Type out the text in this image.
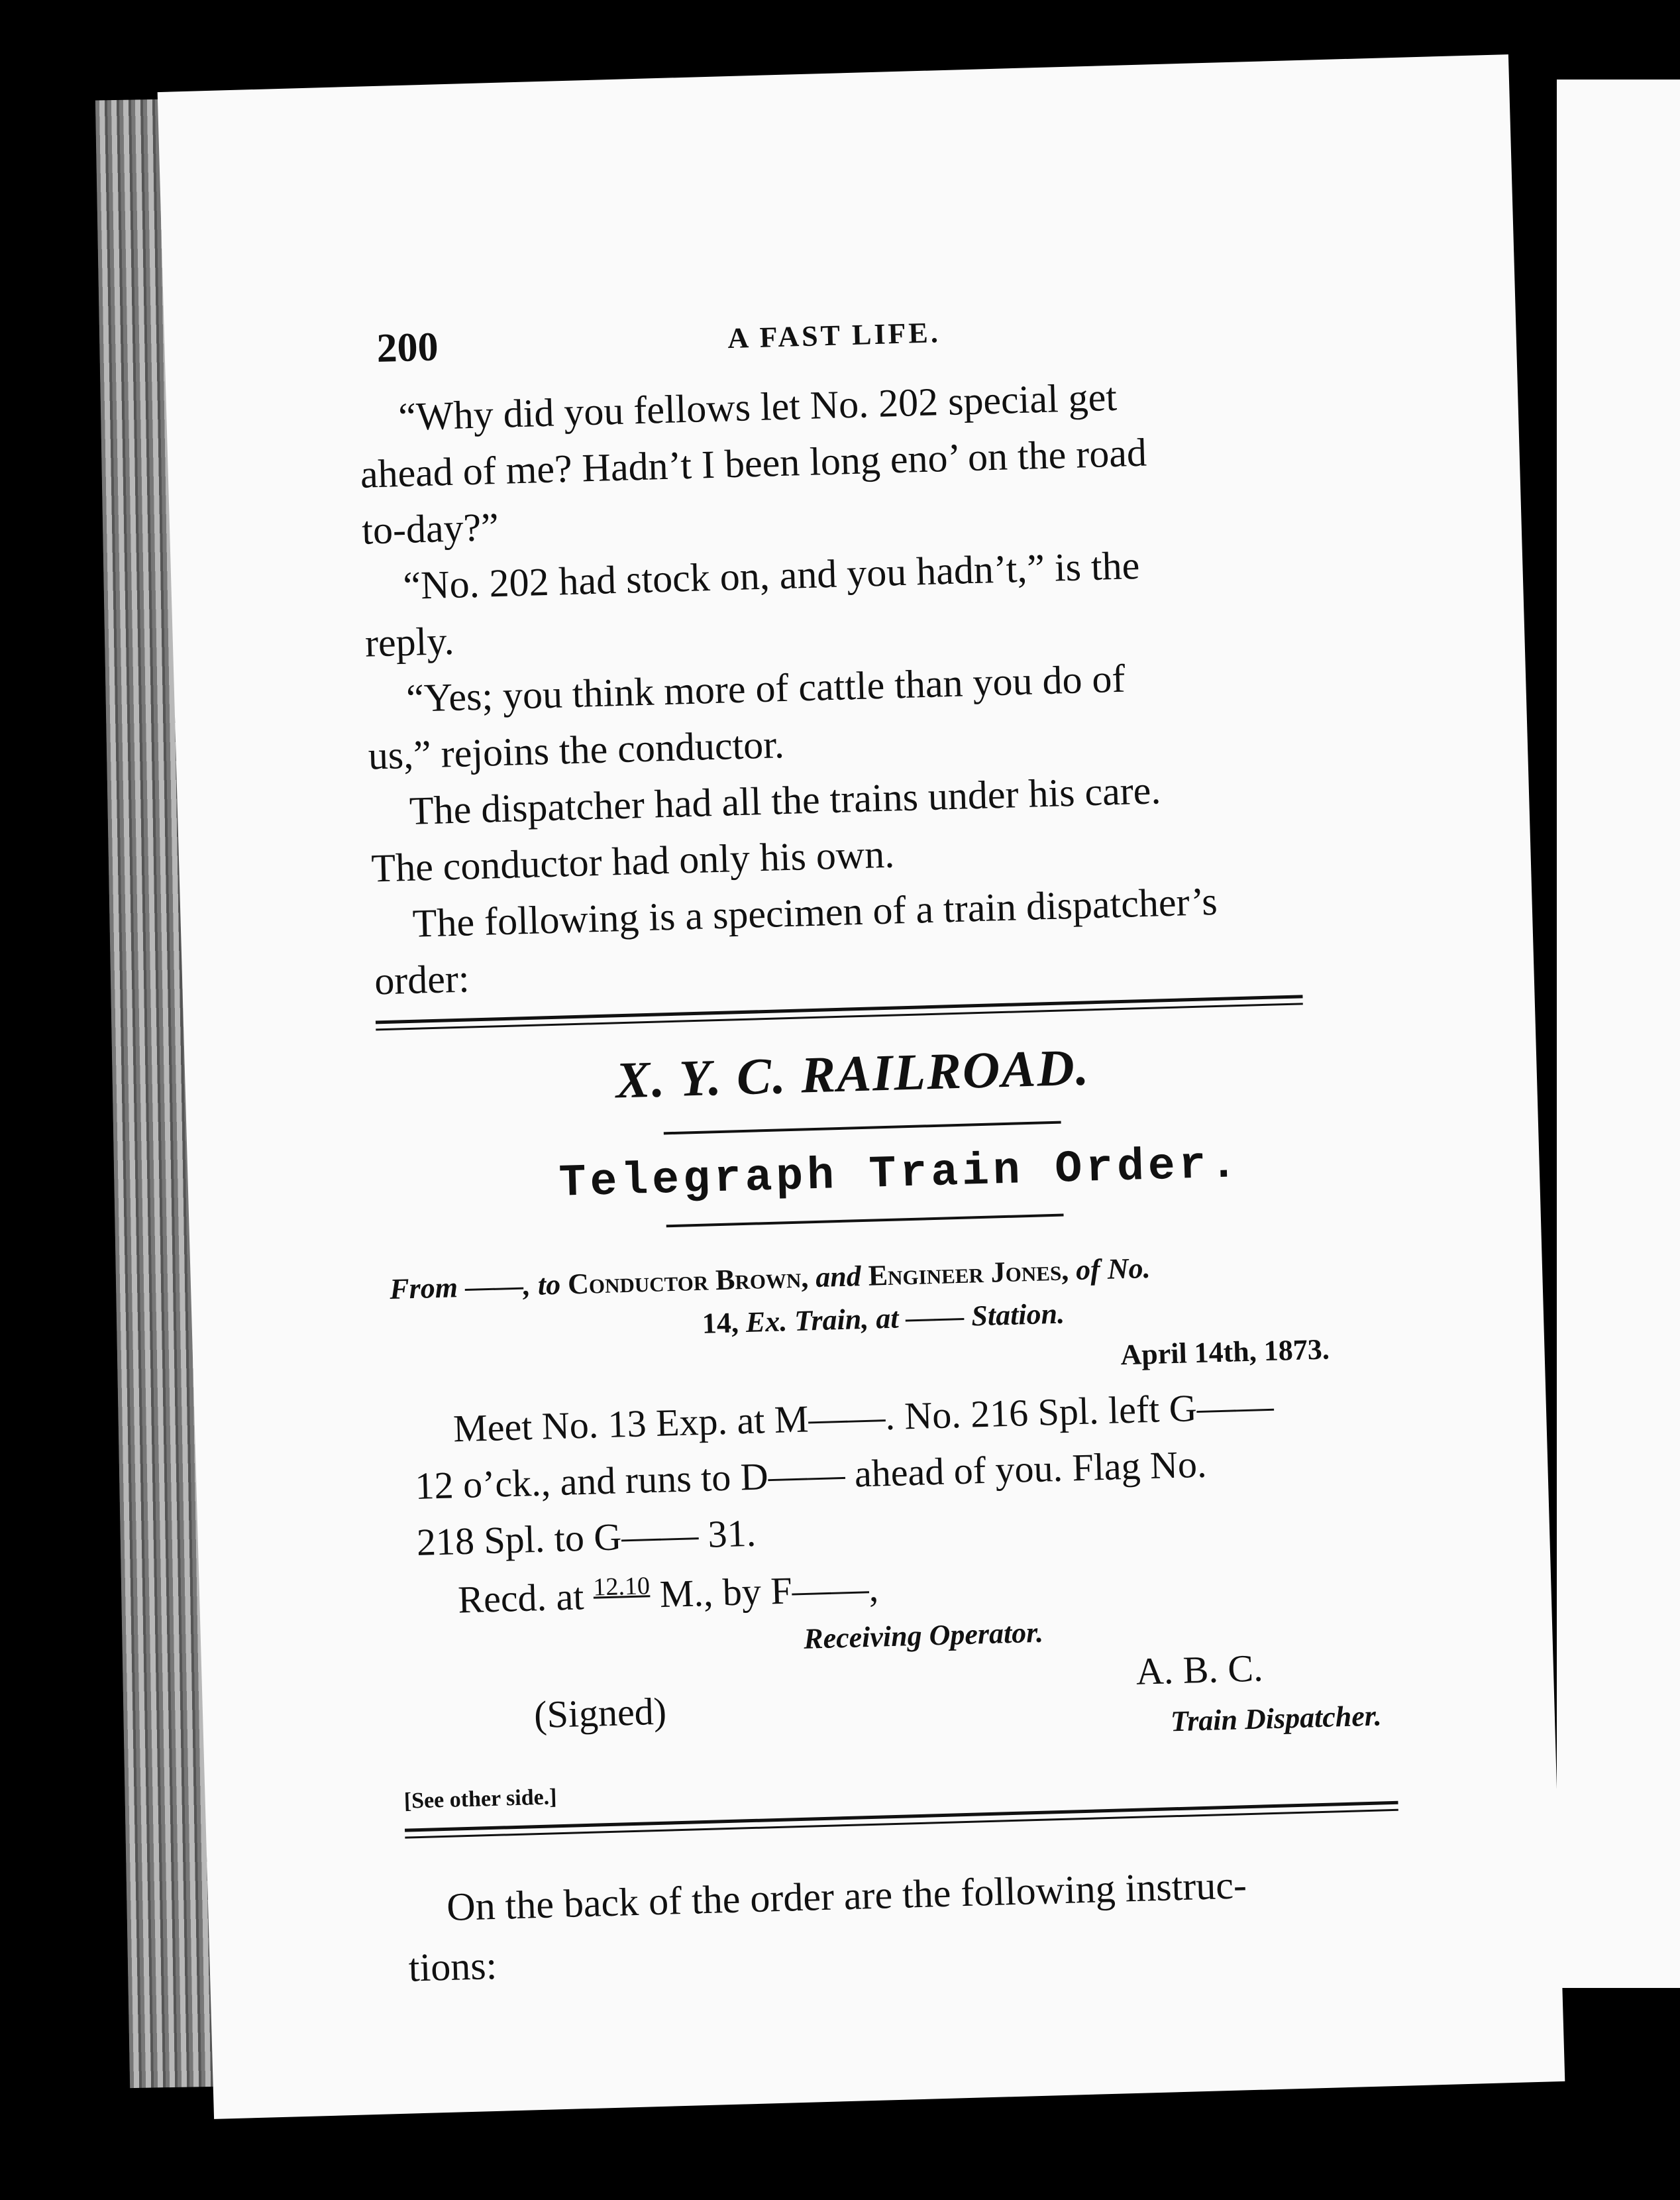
200	A FAST LIFE.
“Why did you fellows let No. 202 special get
ahead of me? Hadn’t I been long eno’ on the road
to-day?”
“No. 202 had stock on, and you hadn’t,” is the
reply.
“Yes; you think more of cattle than you do of
us,” rejoins the conductor.
The dispatcher had all the trains under his care.
The conductor had only his own.
The following is a specimen of a train dispatcher’s
order:
X. Y. C. RAILROAD.
Telegraph Train Order.
From ——, to Conductor Brown, and Engineer Jones, of No.
14, Ex. Train, at —— Station.
April 14th, 1873.
Meet No. 13 Exp. at M——. No. 216 Spl. left G——
12 o’ck., and runs to D—— ahead of you. Flag No.
218 Spl. to G—— 31.
Recd. at $^{12.10}$ M., by F——,
Receiving Operator.
A. B. C.
(Signed)	Train Dispatcher.
[See other side.]
On the back of the order are the following instruc-
tions:
